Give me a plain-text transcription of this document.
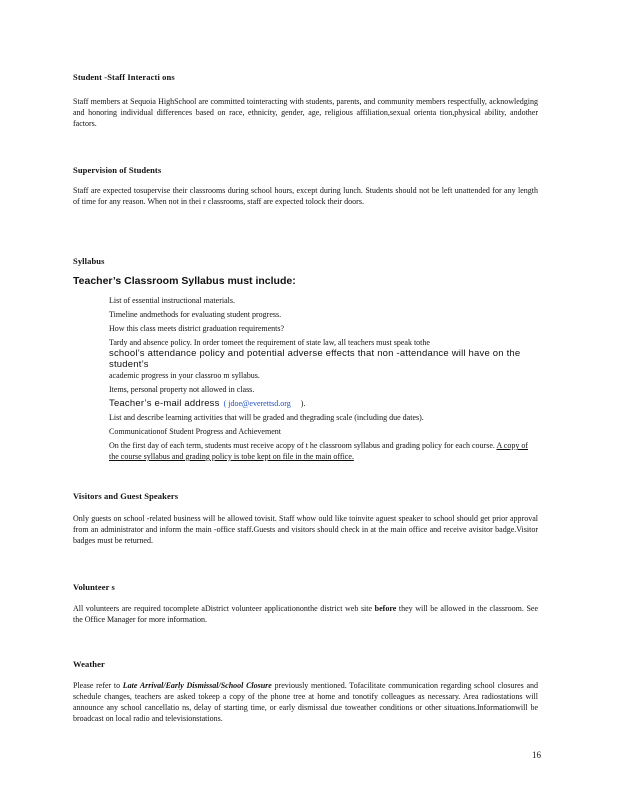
Student -Staff Interacti ons

Staff members at Sequoia HighSchool are committed tointeracting with students, parents, and community members respectfully, acknowledging and honoring individual differences based on race, ethnicity, gender, age, religious affiliation,sexual orienta tion,physical ability, andother factors.

Supervision of Students

Staff are expected tosupervise their classrooms during school hours, except during lunch. Students should not be left unattended for any length of time for any reason. When not in thei r classrooms, staff are expected tolock their doors.

Syllabus
Teacher’s Classroom Syllabus must include:
List of essential instructional materials.
Timeline andmethods for evaluating student progress.
How this class meets district graduation requirements?
Tardy and absence policy. In order tomeet the requirement of state law, all teachers must speak tothe
school’s attendance policy and potential adverse effects that non -attendance will have on the student’s
academic progress in your classroo m syllabus.
Items, personal property not allowed in class.
Teacher’s e-mail address ( jdoe@everettsd.org ).
List and describe learning activities that will be graded and thegrading scale (including due dates).
Communicationof Student Progress and Achievement
On the first day of each term, students must receive acopy of t he classroom syllabus and grading policy for each course. A copy of the course syllabus and grading policy is tobe kept on file in the main office.
Visitors and Guest Speakers

Only guests on school -related business will be allowed tovisit. Staff whow ould like toinvite aguest speaker to school should get prior approval from an administrator and inform the main -office staff.Guests and visitors should check in at the main office and receive avisitor badge.Visitor badges must be returned.

Volunteer s

All volunteers are required tocomplete aDistrict volunteer applicationonthe district web site before they will be allowed in the classroom. See the Office Manager for more information.

Weather

Please refer to Late Arrival/Early Dismissal/School Closure previously mentioned. Tofacilitate communication regarding school closures and schedule changes, teachers are asked tokeep a copy of the phone tree at home and tonotify colleagues as necessary. Area radiostations will announce any school cancellatio ns, delay of starting time, or early dismissal due toweather conditions or other situations.Informationwill be broadcast on local radio and televisionstations.

16
